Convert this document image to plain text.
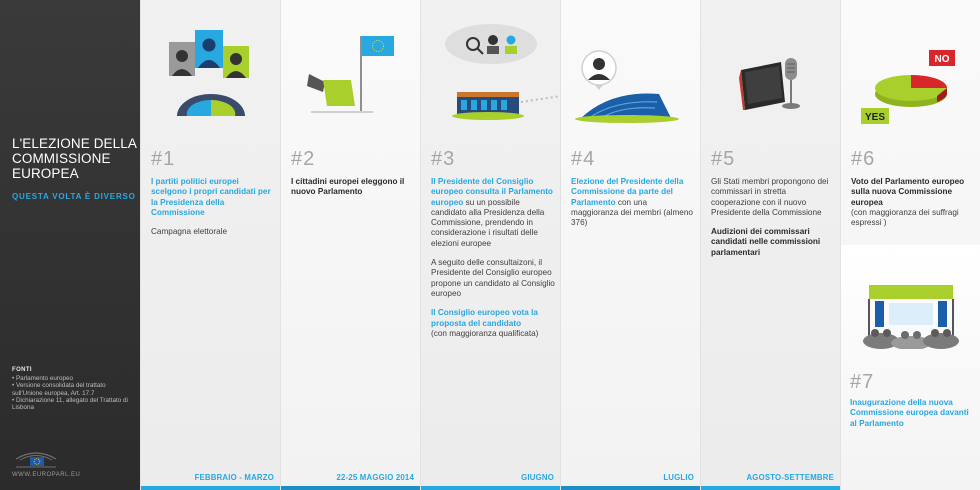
L'ELEZIONE DELLA COMMISSIONE EUROPEA
QUESTA VOLTA È DIVERSO
FONTI
• Parlamento europeo
• Versione consolidata del trattato sull'Unione europea, Art. 17.7
• Dichiarazione 11, allegato del Trattato di Lisbona
WWW.EUROPARL.EU
#1
I partiti politici europei scelgono i propri candidati per la Presidenza della Commissione
Campagna elettorale
FEBBRAIO - MARZO
#2
I cittadini europei eleggono il nuovo Parlamento
22-25 MAGGIO 2014
#3
Il Presidente del Consiglio europeo consulta il Parlamento europeo su un possibile candidato alla Presidenza della Commissione, prendendo in considerazione i risultati delle elezioni europee
A seguito delle consultaizoni, il Presidente del Consiglio europeo propone un candidato al Consiglio europeo
Il Consiglio europeo vota la proposta del candidato
(con maggioranza qualificata)
GIUGNO
#4
Elezione del Presidente della Commissione da parte del Parlamento con una maggioranza dei membri (almeno 376)
LUGLIO
#5
Gli Stati membri propongono dei commissari in stretta cooperazione con il nuovo Presidente della Commissione
Audizioni dei commissari candidati nelle commissioni parlamentari
AGOSTO-SETTEMBRE
NO
YES
#6
Voto del Parlamento europeo sulla nuova Commissione europea
(con maggioranza dei suffragi espressi )
#7
Inaugurazione della nuova Commissione europea davanti al Parlamento
